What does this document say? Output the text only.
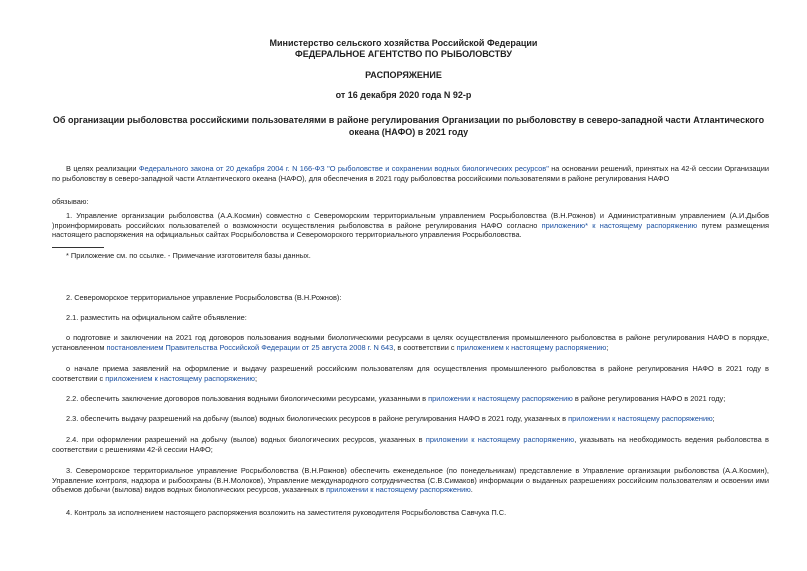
Министерство сельского хозяйства Российской Федерации
ФЕДЕРАЛЬНОЕ АГЕНТСТВО ПО РЫБОЛОВСТВУ
РАСПОРЯЖЕНИЕ
от 16 декабря 2020 года N 92-р
Об организации рыболовства российскими пользователями в районе регулирования Организации по рыболовству в северо-западной части Атлантического океана (НАФО) в 2021 году
В целях реализации Федерального закона от 20 декабря 2004 г. N 166-ФЗ "О рыболовстве и сохранении водных биологических ресурсов" на основании решений, принятых на 42-й сессии Организации по рыболовству в северо-западной части Атлантического океана (НАФО), для обеспечения в 2021 году рыболовства российскими пользователями в районе регулирования НАФО
обязываю:
1. Управление организации рыболовства (А.А.Космин) совместно с Североморским территориальным управлением Росрыболовства (В.Н.Рожнов) и Административным управлением (А.И.Дыбов )проинформировать российских пользователей о возможности осуществления рыболовства в районе регулирования НАФО согласно приложению* к настоящему распоряжению путем размещения настоящего распоряжения на официальных сайтах Росрыболовства и Североморского территориального управления Росрыболовства.
* Приложение см. по ссылке. - Примечание изготовителя базы данных.
2. Североморское территориальное управление Росрыболовства (В.Н.Рожнов):
2.1. разместить на официальном сайте объявление:
о подготовке и заключении на 2021 год договоров пользования водными биологическими ресурсами в целях осуществления промышленного рыболовства в районе регулирования НАФО в порядке, установленном постановлением Правительства Российской Федерации от 25 августа 2008 г. N 643, в соответствии с приложением к настоящему распоряжению;
о начале приема заявлений на оформление и выдачу разрешений российским пользователям для осуществления промышленного рыболовства в районе регулирования НАФО в 2021 году в соответствии с приложением к настоящему распоряжению;
2.2. обеспечить заключение договоров пользования водными биологическими ресурсами, указанными в приложении к настоящему распоряжению в районе регулирования НАФО в 2021 году;
2.3. обеспечить выдачу разрешений на добычу (вылов) водных биологических ресурсов в районе регулирования НАФО в 2021 году, указанных в приложении к настоящему распоряжению;
2.4. при оформлении разрешений на добычу (вылов) водных биологических ресурсов, указанных в приложении к настоящему распоряжению, указывать на необходимость ведения рыболовства в соответствии с решениями 42-й сессии НАФО;
3. Североморское территориальное управление Росрыболовства (В.Н.Рожнов) обеспечить еженедельное (по понедельникам) представление в Управление организации рыболовства (А.А.Космин), Управление контроля, надзора и рыбоохраны (В.Н.Молоков), Управление международного сотрудничества (С.В.Симаков) информации о выданных разрешениях российским пользователям и освоении ими объемов добычи (вылова) видов водных биологических ресурсов, указанных в приложении к настоящему распоряжению.
4. Контроль за исполнением настоящего распоряжения возложить на заместителя руководителя Росрыболовства Савчука П.С.
